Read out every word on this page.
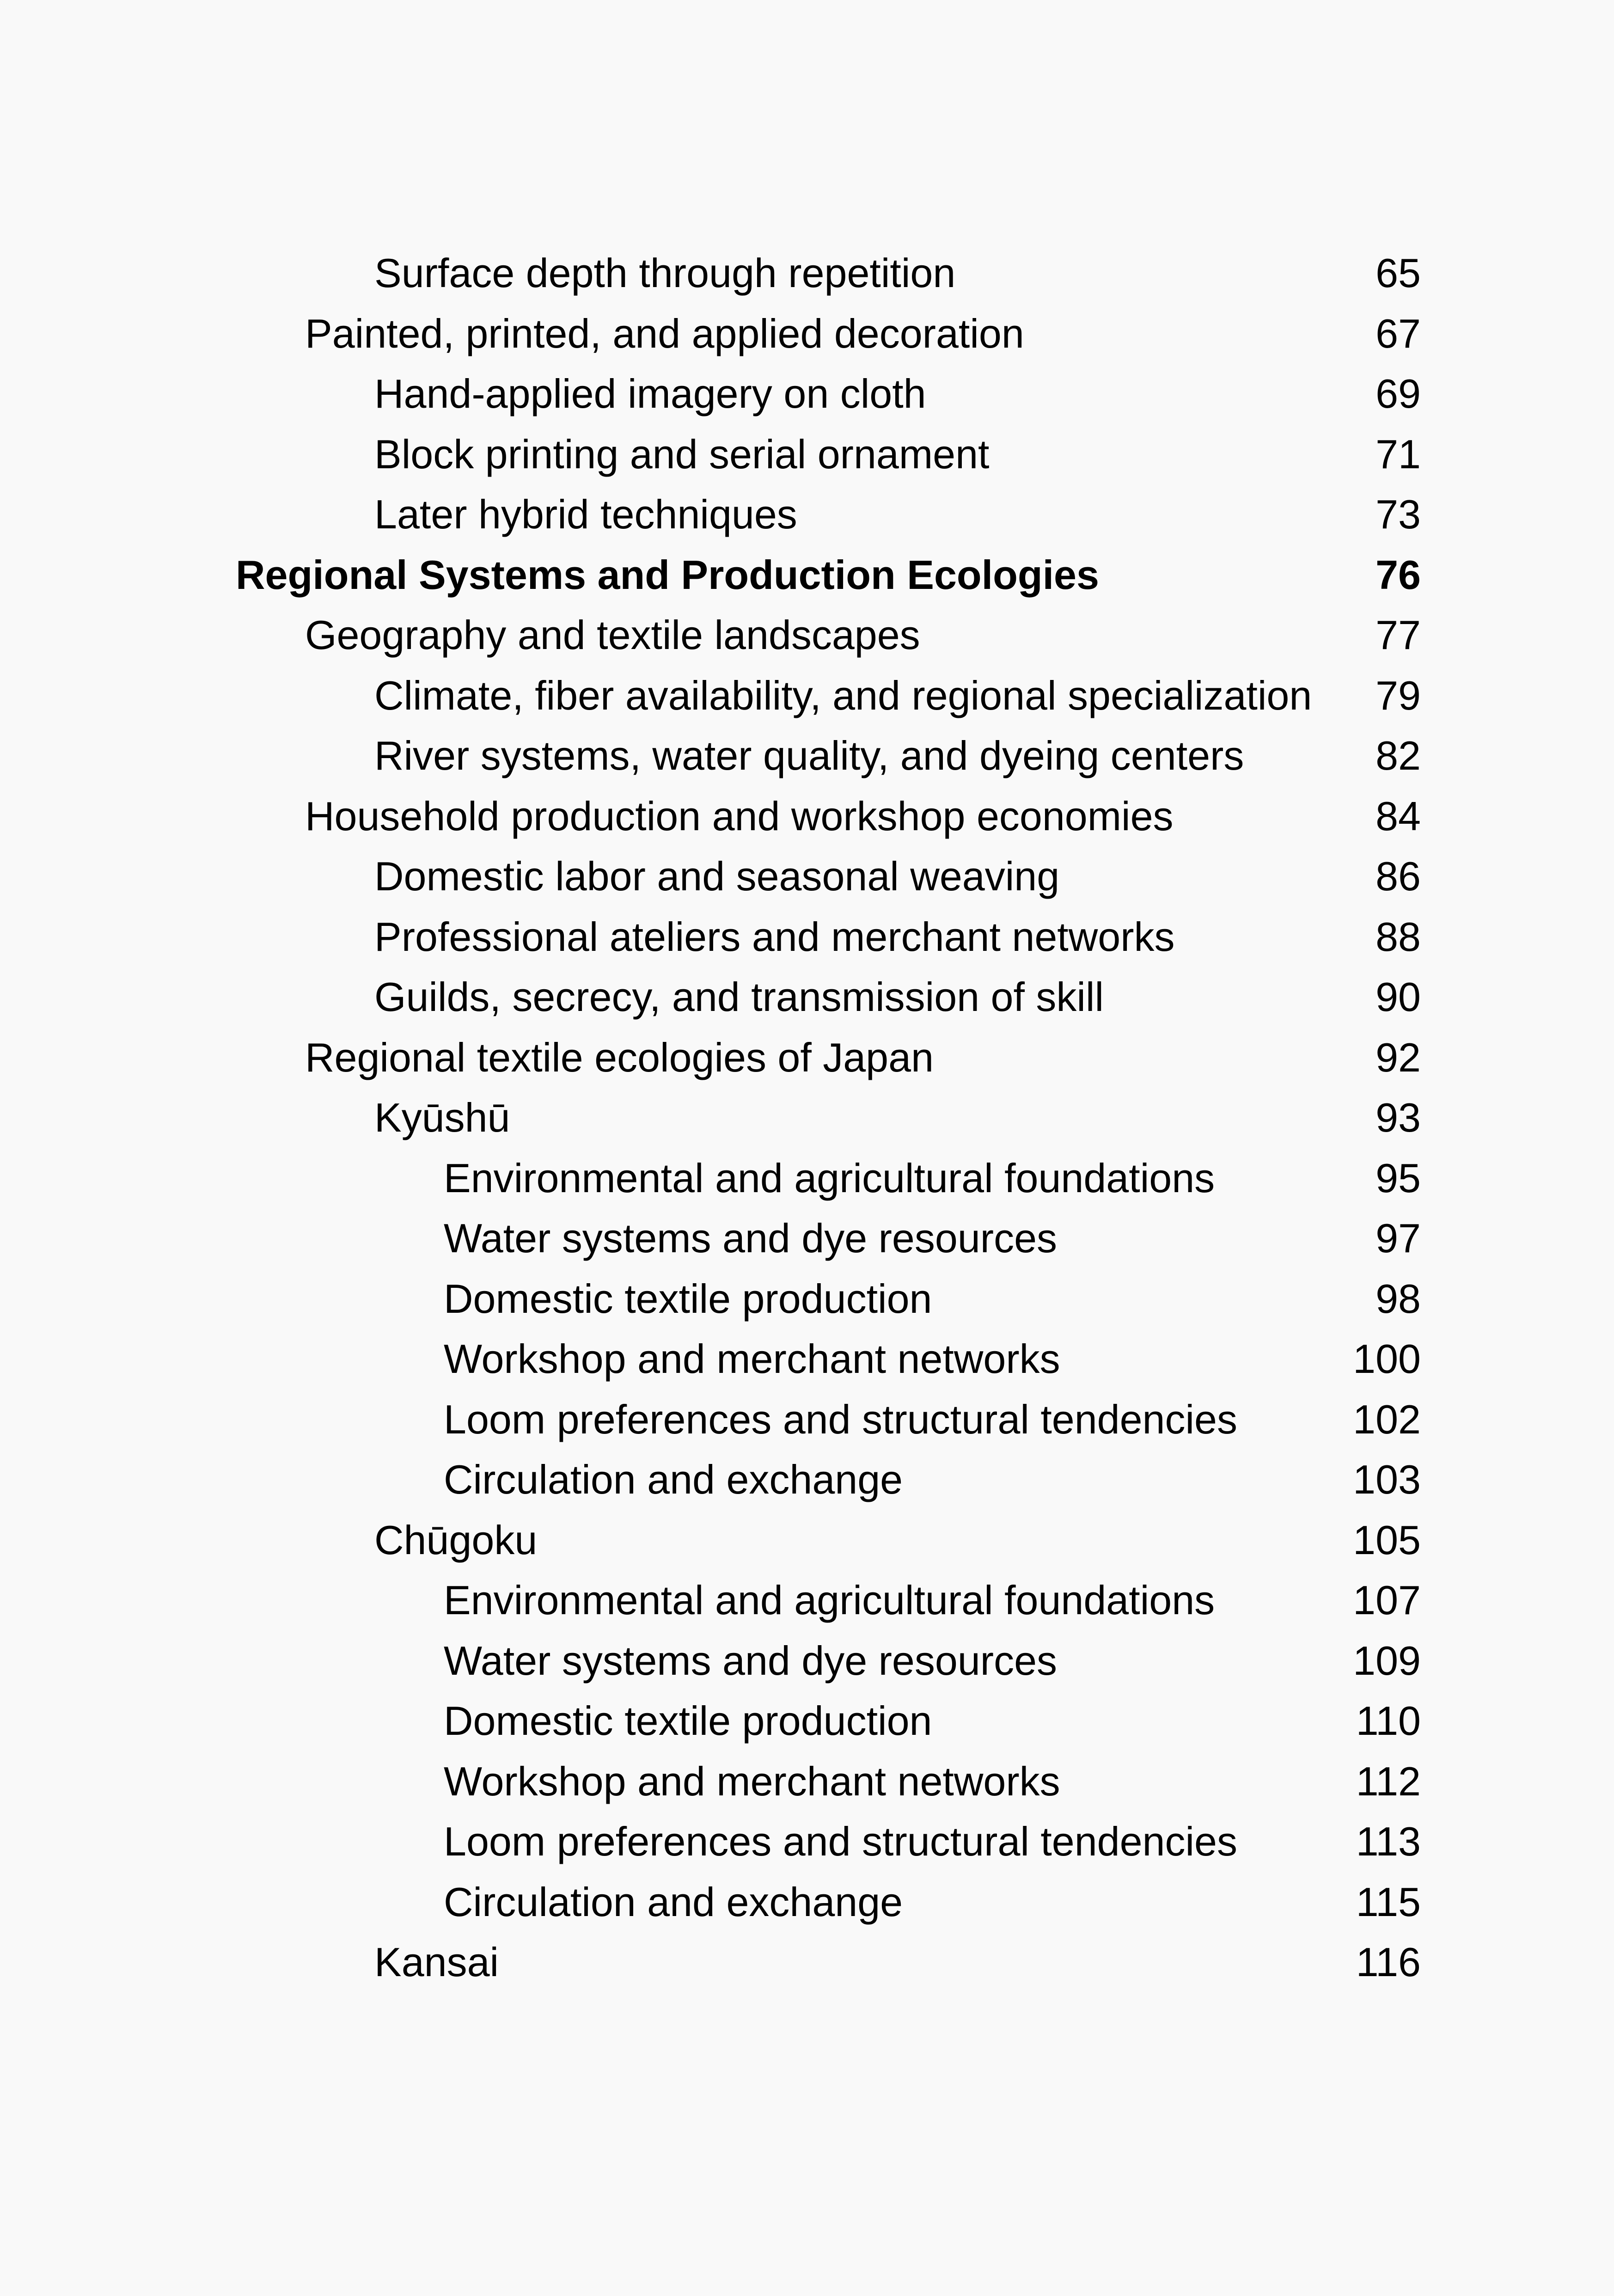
Surface depth through repetition	65
Painted, printed, and applied decoration	67
Hand-applied imagery on cloth	69
Block printing and serial ornament	71
Later hybrid techniques	73
Regional Systems and Production Ecologies	76
Geography and textile landscapes	77
Climate, fiber availability, and regional specialization 79
River systems, water quality, and dyeing centers	82
Household production and workshop economies	84
Domestic labor and seasonal weaving	86
Professional ateliers and merchant networks	88
Guilds, secrecy, and transmission of skill	90
Regional textile ecologies of Japan	92
Kyūshū	93
Environmental and agricultural foundations	95
Water systems and dye resources	97
Domestic textile production	98
Workshop and merchant networks	100
Loom preferences and structural tendencies	102
Circulation and exchange	103
Chūgoku	105
Environmental and agricultural foundations	107
Water systems and dye resources	109
Domestic textile production	110
Workshop and merchant networks	112
Loom preferences and structural tendencies	113
Circulation and exchange	115
Kansai	116
